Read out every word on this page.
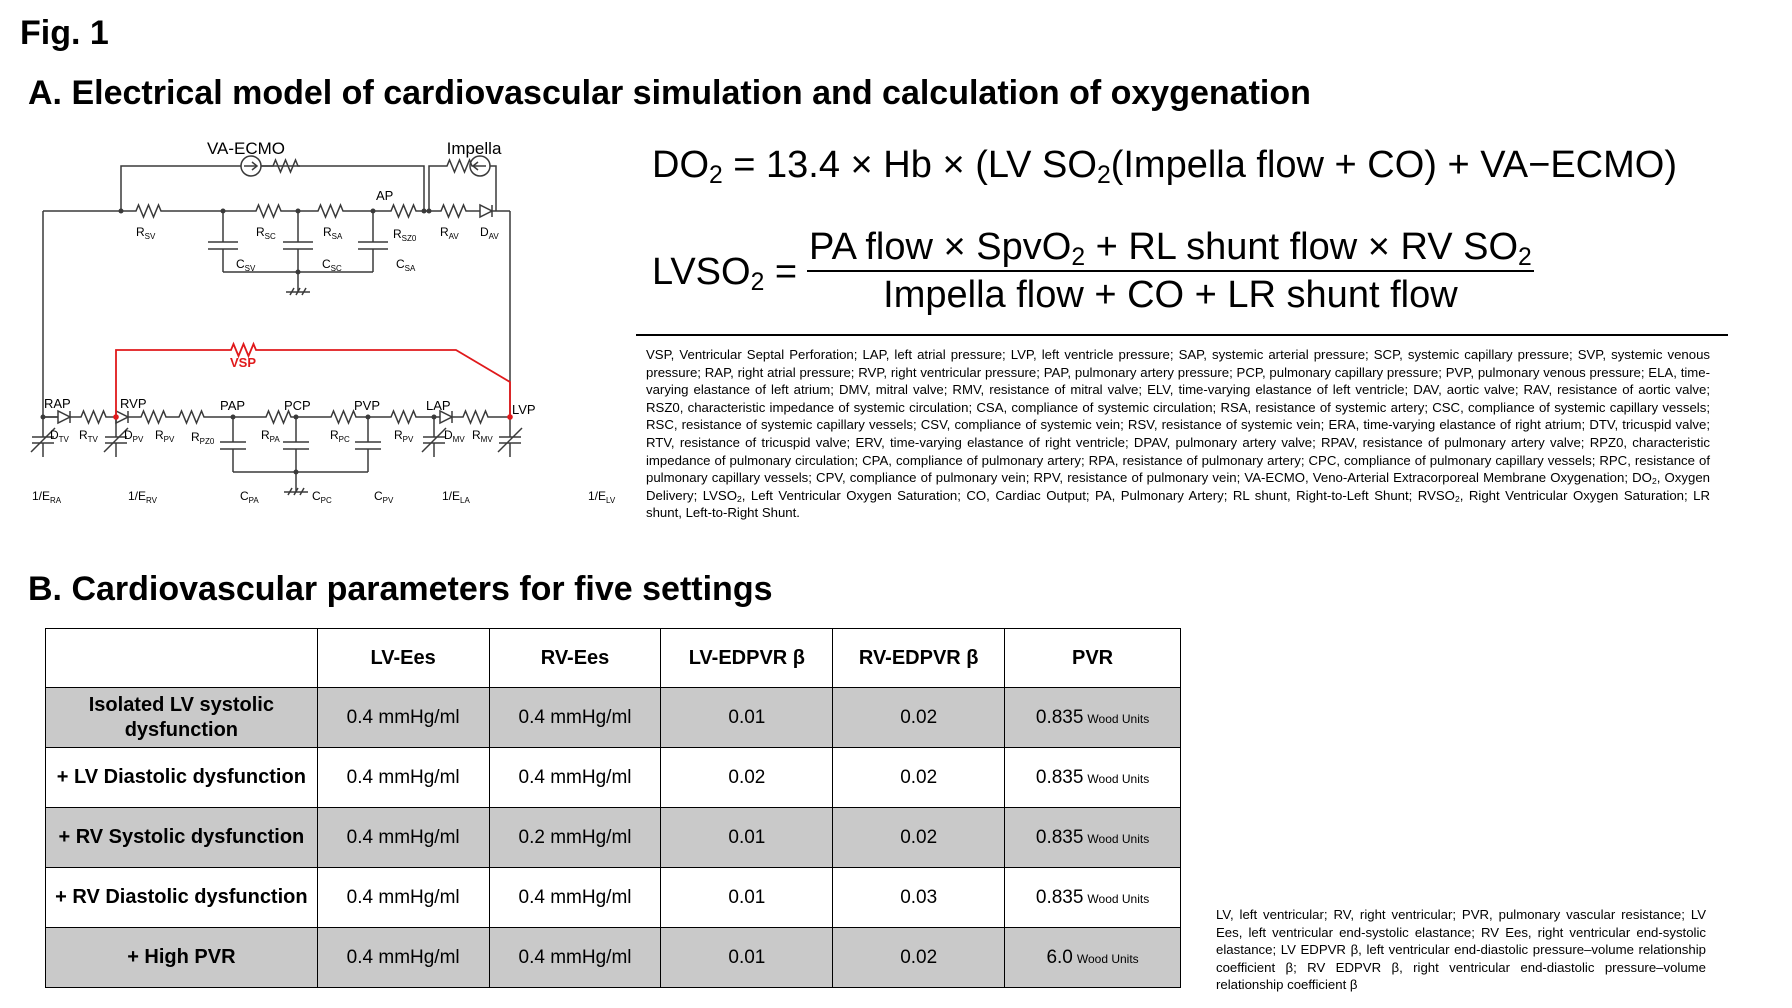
Fig. 1
A. Electrical model of cardiovascular simulation and calculation of oxygenation
VA-ECMO	Impella
AP
RAP	RVP	PAP	PCP	PVP	LAP	LVP
VSP
$R_{SV}$	$R_{SC}$	$R_{SA}$	$R_{SZ0}$ $R_{AV}$ $D_{AV}$
$C_{SV}$	$C_{SC}$	$C_{SA}$
$D_{TV}$ $R_{TV}$ $D_{PV}$ $R_{PV}$ $R_{PZ0}$	$R_{PA}$	$R_{PC}$	$R_{PV}$	$D_{MV}$ $R_{MV}$
$1/E_{RA}$	$1/E_{RV}$	$C_{PA}$	$C_{PC}$	$C_{PV}$	$1/E_{LA}$	$1/E_{LV}$
$DO_2 = 13.4 \times Hb \times (LV$ $SO_2(Impella$ flow + CO) + VA−ECMO)
$LVSO_2 = \frac{PA flow \times SpvO_2 + RL shunt flow \times RV SO_2}{\text{Impella flow + CO + LR shunt flow}}$
VSP, Ventricular Septal Perforation; LAP, left atrial pressure; LVP, left ventricle pressure; SAP, systemic arterial pressure; SCP, systemic capillary pressure; SVP, systemic venous pressure; RAP, right atrial pressure; RVP, right ventricular pressure; PAP, pulmonary artery pressure; PCP, pulmonary capillary pressure; PVP, pulmonary venous pressure; ELA, time-varying elastance of left atrium; DMV, mitral valve; RMV, resistance of mitral valve; ELV, time-varying elastance of left ventricle; DAV, aortic valve; RAV, resistance of aortic valve; RSZ0, characteristic impedance of systemic circulation; CSA, compliance of systemic circulation; RSA, resistance of systemic artery; CSC, compliance of systemic capillary vessels; RSC, resistance of systemic capillary vessels; CSV, compliance of systemic vein; RSV, resistance of systemic vein; ERA, time-varying elastance of right atrium; DTV, tricuspid valve; RTV, resistance of tricuspid valve; ERV, time-varying elastance of right ventricle; DPAV, pulmonary artery valve; RPAV, resistance of pulmonary artery valve; RPZ0, characteristic impedance of pulmonary circulation; CPA, compliance of pulmonary artery; RPA, resistance of pulmonary artery; CPC, compliance of pulmonary capillary vessels; RPC, resistance of pulmonary capillary vessels; CPV, compliance of pulmonary vein; RPV, resistance of pulmonary vein; VA-ECMO, Veno-Arterial Extracorporeal Membrane Oxygenation; $DO_2$, Oxygen Delivery; $LVSO_2$, Left Ventricular Oxygen Saturation; CO, Cardiac Output; PA, Pulmonary Artery; RL shunt, Right-to-Left Shunt; $RVSO_2$, Right Ventricular Oxygen Saturation; LR shunt, Left-to-Right Shunt.
B. Cardiovascular parameters for five settings
	LV-Ees	RV-Ees	LV-EDPVR β	RV-EDPVR β	PVR
Isolated LV systolic dysfunction	0.4 mmHg/ml	0.4 mmHg/ml	0.01	0.02	0.835 Wood Units
+ LV Diastolic dysfunction	0.4 mmHg/ml	0.4 mmHg/ml	0.02	0.02	0.835 Wood Units
+ RV Systolic dysfunction	0.4 mmHg/ml	0.2 mmHg/ml	0.01	0.02	0.835 Wood Units
+ RV Diastolic dysfunction	0.4 mmHg/ml	0.4 mmHg/ml	0.01	0.03	0.835 Wood Units
+ High PVR	0.4 mmHg/ml	0.4 mmHg/ml	0.01	0.02	6.0 Wood Units
LV, left ventricular; RV, right ventricular; PVR, pulmonary vascular resistance; LV Ees, left ventricular end-systolic elastance; RV Ees, right ventricular end-systolic elastance; LV EDPVR β, left ventricular end-diastolic pressure–volume relationship coefficient β; RV EDPVR β, right ventricular end-diastolic pressure–volume relationship coefficient β
